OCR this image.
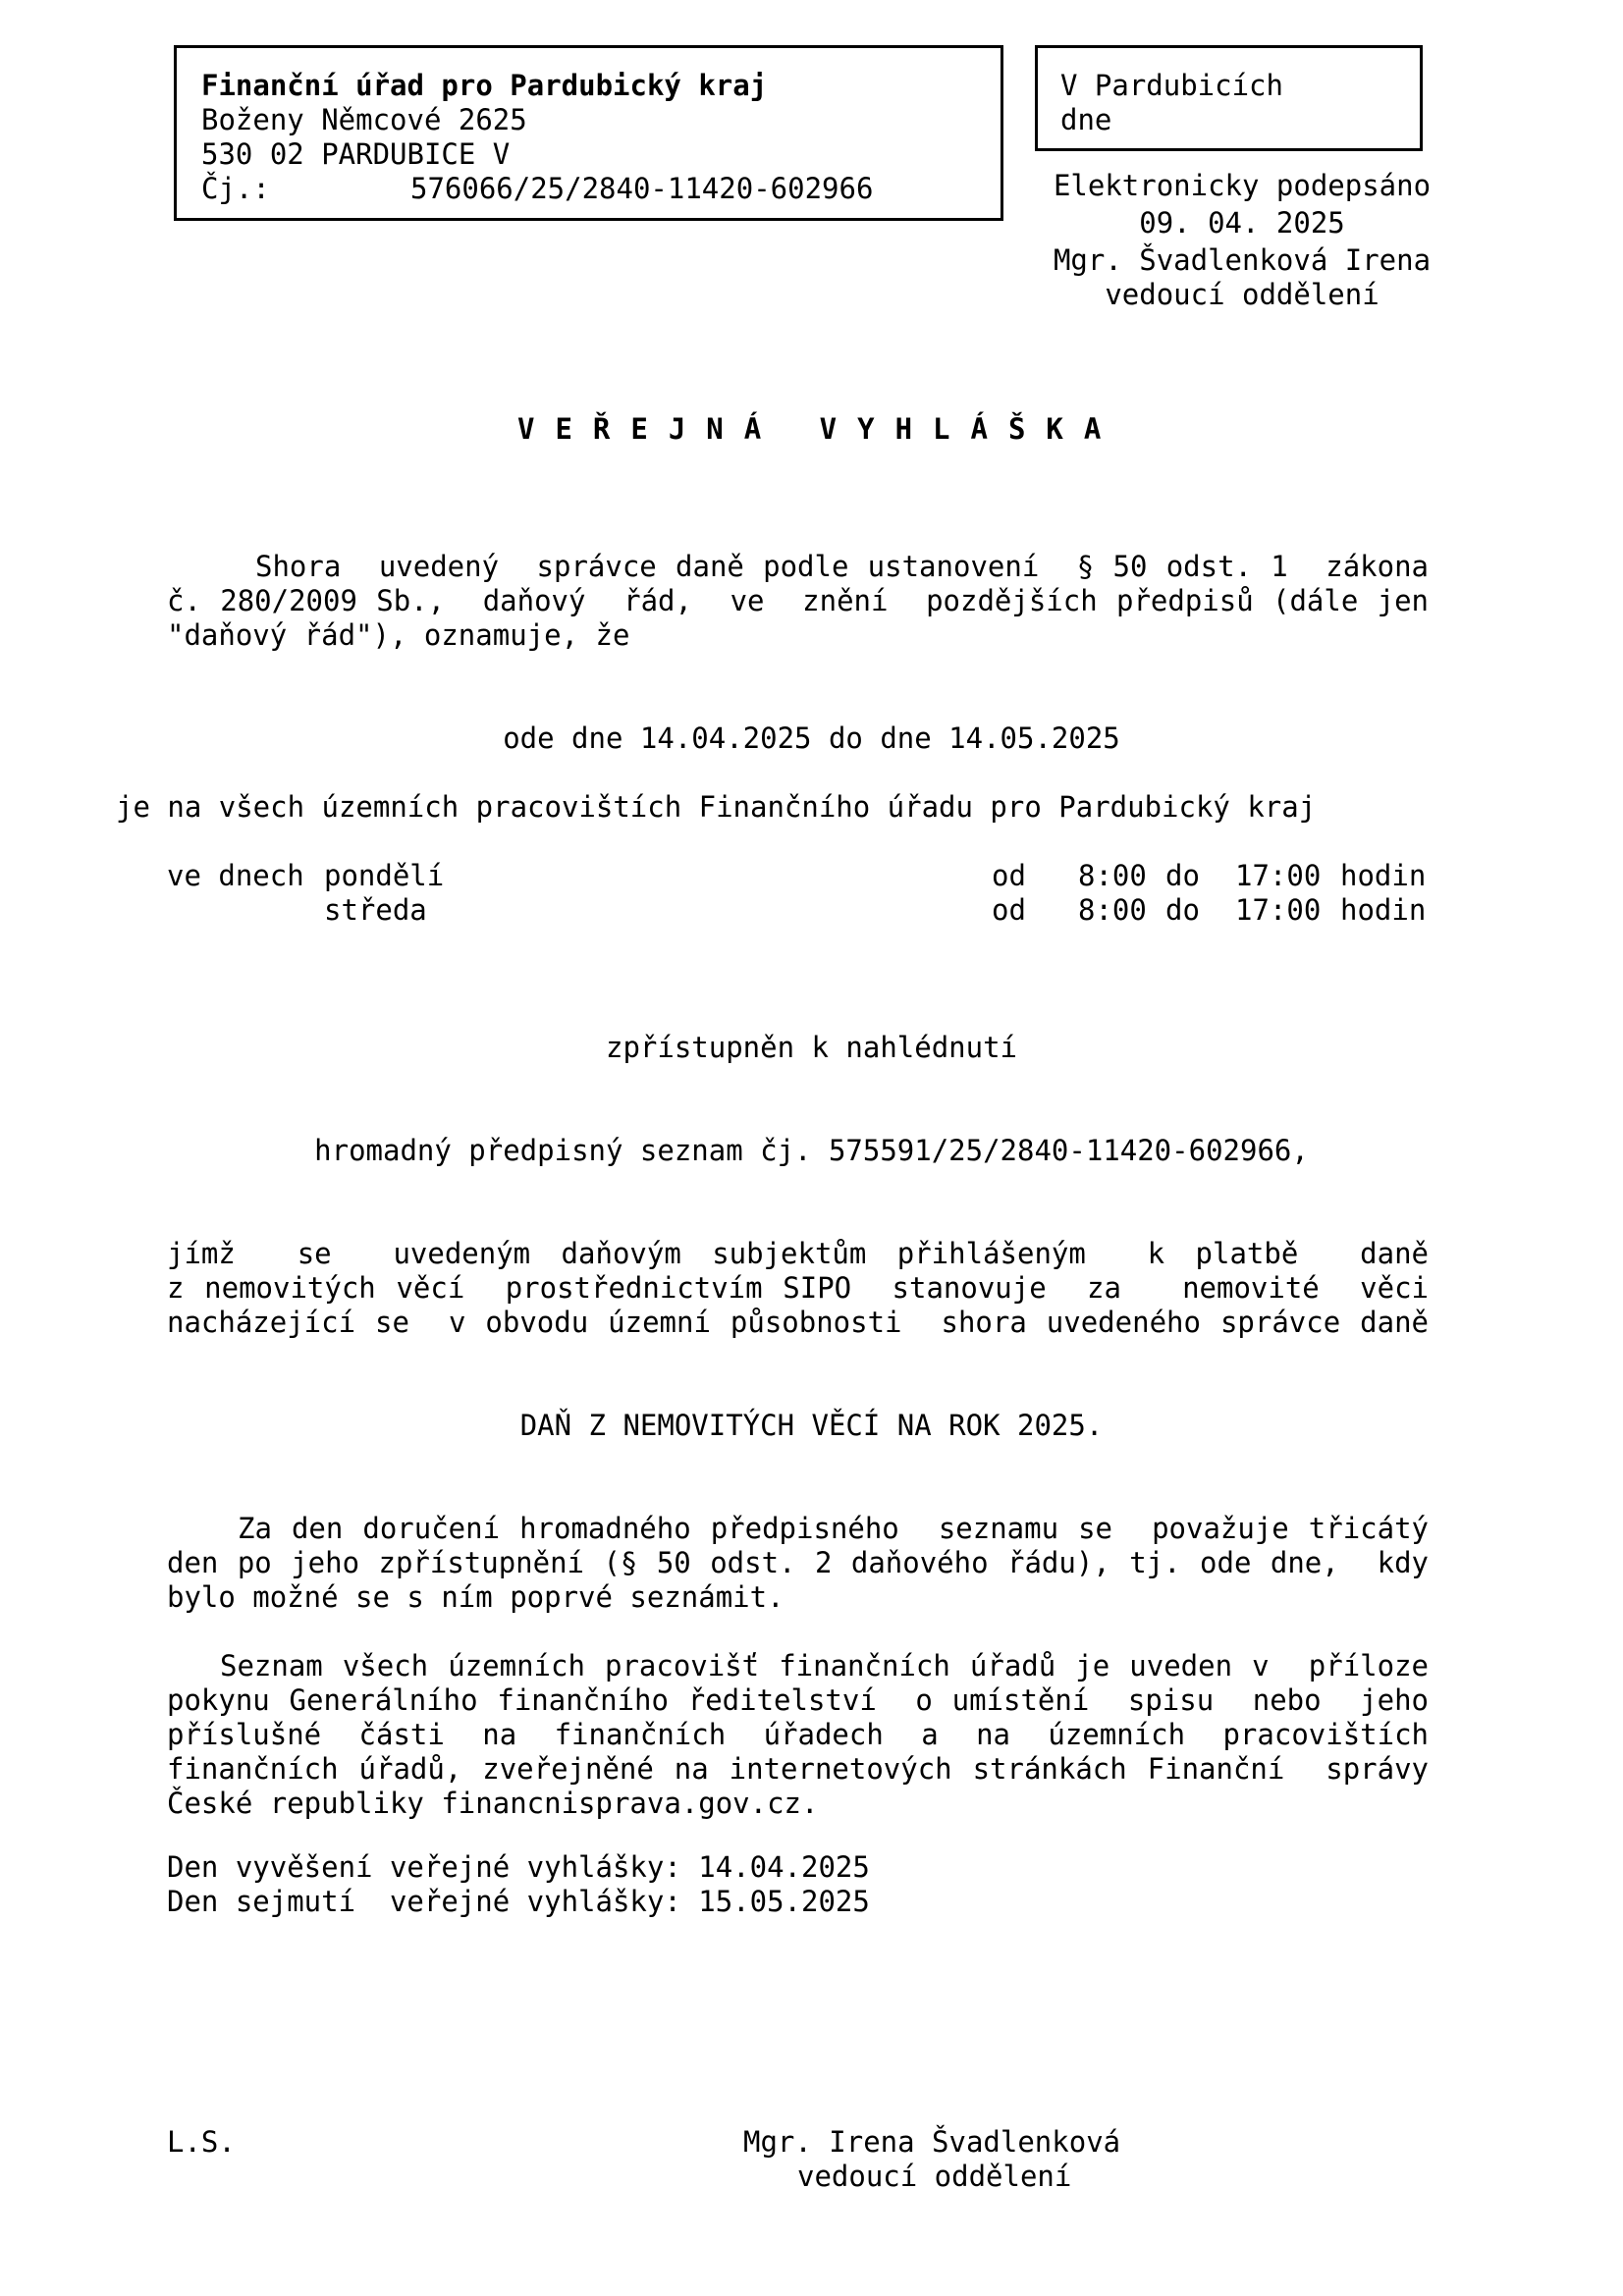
Finanční úřad pro Pardubický kraj
Boženy Němcové 2625
530 02 PARDUBICE V
Čj.:	576066/25/2840-11420-602966
V Pardubicích
dne
Elektronicky podepsáno
09. 04. 2025
Mgr. Švadlenková Irena
vedoucí oddělení
VEŘEJNÁ VYHLÁŠKA
Shora  uvedený  správce daně podle ustanovení  § 50 odst. 1  zákona
č. 280/2009 Sb.,  daňový  řád,  ve  znění  pozdějších předpisů (dále jen
"daňový řád"), oznamuje, že
ode dne 14.04.2025 do dne 14.05.2025
je na všech územních pracovištích Finančního úřadu pro Pardubický kraj
ve dnech pondělí	od 8:00 do 17:00 hodin
středa	od 8:00 do 17:00 hodin
zpřístupněn k nahlédnutí
hromadný předpisný seznam čj. 575591/25/2840-11420-602966,
jímž  se  uvedeným daňovým subjektům přihlášeným  k platbě  daně
z nemovitých věcí  prostřednictvím SIPO  stanovuje  za   nemovité  věci
nacházející se  v obvodu územní působnosti  shora uvedeného správce daně
DAŇ Z NEMOVITÝCH VĚCÍ NA ROK 2025.
Za den doručení hromadného předpisného  seznamu se  považuje třicátý
den po jeho zpřístupnění (§ 50 odst. 2 daňového řádu), tj. ode dne,  kdy
bylo možné se s ním poprvé seznámit.
Seznam všech územních pracovišť finančních úřadů je uveden v  příloze
pokynu Generálního finančního ředitelství  o umístění  spisu  nebo  jeho
příslušné  části  na  finančních  úřadech  a  na  územních  pracovištích
finančních úřadů, zveřejněné na internetových stránkách Finanční  správy
České republiky financnisprava.gov.cz.
Den vyvěšení veřejné vyhlášky: 14.04.2025
Den sejmutí  veřejné vyhlášky: 15.05.2025
L.S.	Mgr. Irena Švadlenková
vedoucí oddělení
